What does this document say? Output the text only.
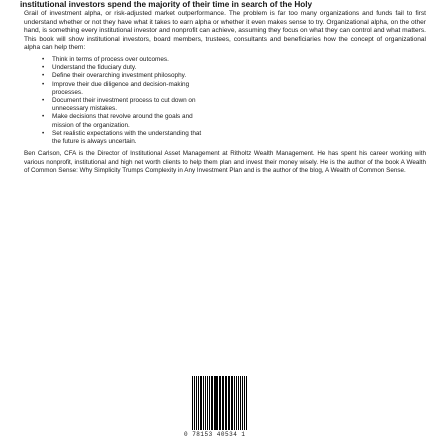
institutional investors spend the majority of their time in search of the Holy

Grail of investment alpha, or risk-adjusted market outperformance. The problem is far too many organizations and funds fail to first understand whether or not they have what it takes to earn alpha or whether it even makes sense to try. Organizational alpha, on the other hand, is something every institutional investor and nonprofit can achieve, assuming they focus on what they can control and what matters. This book will show institutional investors, board members, trustees, consultants and beneficiaries how the concept of organizational alpha can help them:

• Think in terms of process over outcomes.
• Understand the fiduciary duty.
• Define their overarching investment philosophy.
• Improve their due diligence and decision-making processes.
• Document their investment process to cut down on unnecessary mistakes.
• Make decisions that revolve around the goals and mission of the organization.
• Set realistic expectations with the understanding that the future is always uncertain.

Ben Carlson, CFA is the Director of Institutional Asset Management at Ritholtz Wealth Management. He has spent his career working with various nonprofit, institutional and high net worth clients to help them plan and invest their money wisely. He is the author of the book A Wealth of Common Sense: Why Simplicity Trumps Complexity in Any Investment Plan and is the author of the blog, A Wealth of Common Sense.

0 78153 40534 1
